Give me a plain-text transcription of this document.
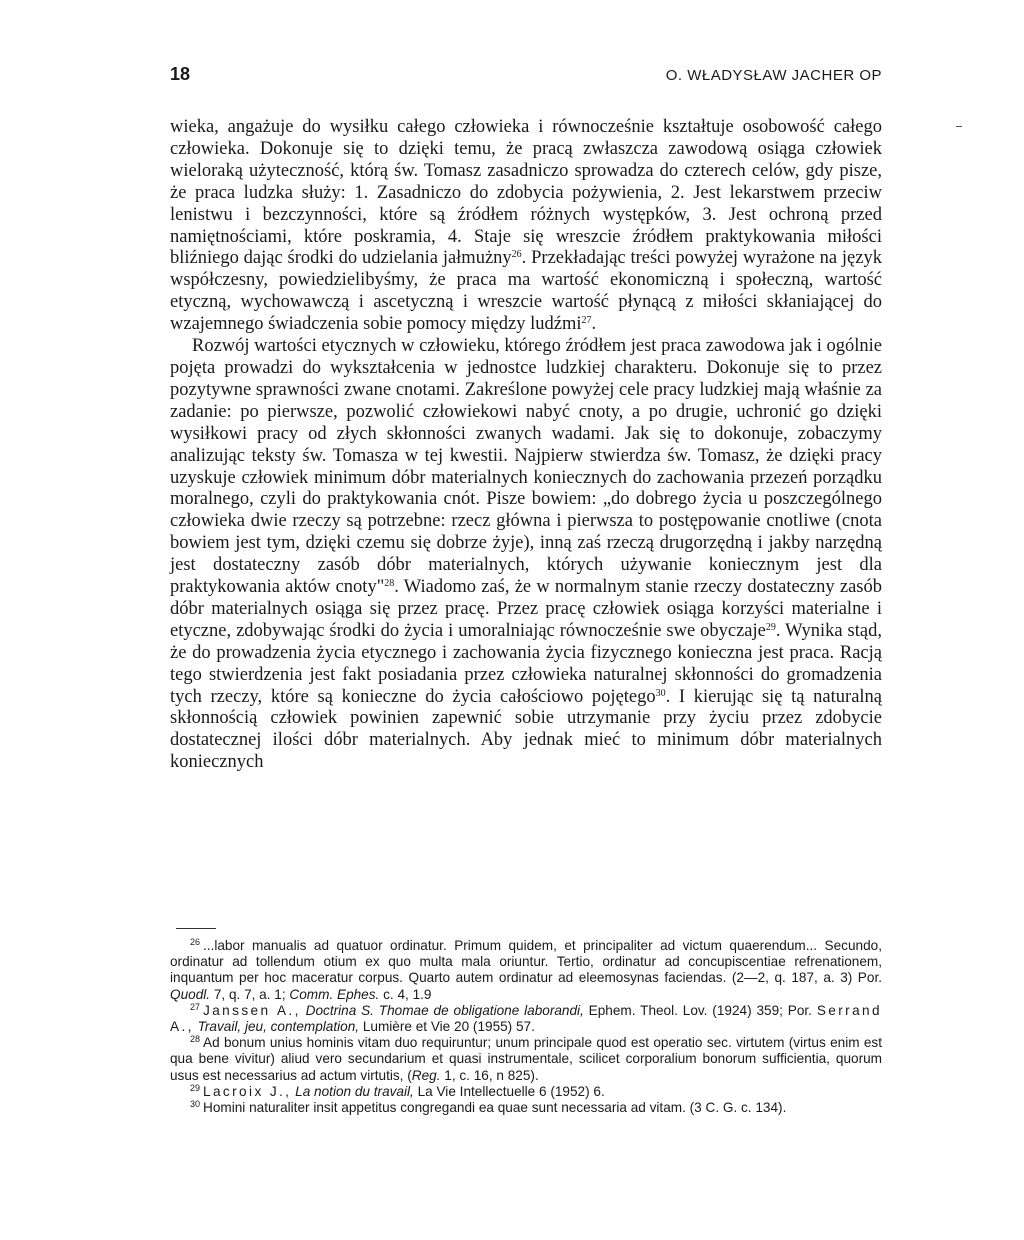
18	O. WŁADYSŁAW JACHER OP

wieka, angażuje do wysiłku całego człowieka i równocześnie kształtuje osobowość całego człowieka. Dokonuje się to dzięki temu, że pracą zwłaszcza zawodową osiąga człowiek wieloraką użyteczność, którą św. Tomasz zasadniczo sprowadza do czterech celów, gdy pisze, że praca ludzka służy: 1. Zasadniczo do zdobycia pożywienia, 2. Jest lekarstwem przeciw lenistwu i bezczynności, które są źródłem różnych występków, 3. Jest ochroną przed namiętnościami, które poskramia, 4. Staje się wreszcie źródłem praktykowania miłości bliźniego dając środki do udzielania jałmużny$^{26}$. Przekładając treści powyżej wyrażone na język współczesny, powiedzielibyśmy, że praca ma wartość ekonomiczną i społeczną, wartość etyczną, wychowawczą i ascetyczną i wreszcie wartość płynącą z miłości skłaniającej do wzajemnego świadczenia sobie pomocy między ludźmi$^{27}$.

Rozwój wartości etycznych w człowieku, którego źródłem jest praca zawodowa jak i ogólnie pojęta prowadzi do wykształcenia w jednostce ludzkiej charakteru. Dokonuje się to przez pozytywne sprawności zwane cnotami. Zakreślone powyżej cele pracy ludzkiej mają właśnie za zadanie: po pierwsze, pozwolić człowiekowi nabyć cnoty, a po drugie, uchronić go dzięki wysiłkowi pracy od złych skłonności zwanych wadami. Jak się to dokonuje, zobaczymy analizując teksty św. Tomasza w tej kwestii. Najpierw stwierdza św. Tomasz, że dzięki pracy uzyskuje człowiek minimum dóbr materialnych koniecznych do zachowania przezeń porządku moralnego, czyli do praktykowania cnót. Pisze bowiem: „do dobrego życia u poszczególnego człowieka dwie rzeczy są potrzebne: rzecz główna i pierwsza to postępowanie cnotliwe (cnota bowiem jest tym, dzięki czemu się dobrze żyje), inną zaś rzeczą drugorzędną i jakby narzędną jest dostateczny zasób dóbr materialnych, których używanie koniecznym jest dla praktykowania aktów cnoty"$^{28}$. Wiadomo zaś, że w normalnym stanie rzeczy dostateczny zasób dóbr materialnych osiąga się przez pracę. Przez pracę człowiek osiąga korzyści materialne i etyczne, zdobywając środki do życia i umoralniając równocześnie swe obyczaje$^{29}$. Wynika stąd, że do prowadzenia życia etycznego i zachowania życia fizycznego konieczna jest praca. Racją tego stwierdzenia jest fakt posiadania przez człowieka naturalnej skłonności do gromadzenia tych rzeczy, które są konieczne do życia całościowo pojętego$^{30}$. I kierując się tą naturalną skłonnością człowiek powinien zapewnić sobie utrzymanie przy życiu przez zdobycie dostatecznej ilości dóbr materialnych. Aby jednak mieć to minimum dóbr materialnych koniecznych

$^{26}$ ...labor manualis ad quatuor ordinatur. Primum quidem, et principaliter ad victum quaerendum... Secundo, ordinatur ad tollendum otium ex quo multa mala oriuntur. Tertio, ordinatur ad concupiscentiae refrenationem, inquantum per hoc maceratur corpus. Quarto autem ordinatur ad eleemosynas faciendas. (2—2, q. 187, a. 3) Por. Quodl. 7, q. 7, a. 1; Comm. Ephes. c. 4, 1.9

$^{27}$ Janssen A., Doctrina S. Thomae de obligatione laborandi, Ephem. Theol. Lov. (1924) 359; Por. Serrand A., Travail, jeu, contemplation, Lumière et Vie 20 (1955) 57.

$^{28}$ Ad bonum unius hominis vitam duo requiruntur; unum principale quod est operatio sec. virtutem (virtus enim est qua bene vivitur) aliud vero secundarium et quasi instrumentale, scilicet corporalium bonorum sufficientia, quorum usus est necessarius ad actum virtutis, (Reg. 1, c. 16, n 825).

$^{29}$ Lacroix J., La notion du travail, La Vie Intellectuelle 6 (1952) 6.

$^{30}$ Homini naturaliter insit appetitus congregandi ea quae sunt necessaria ad vitam. (3 C. G. c. 134).
